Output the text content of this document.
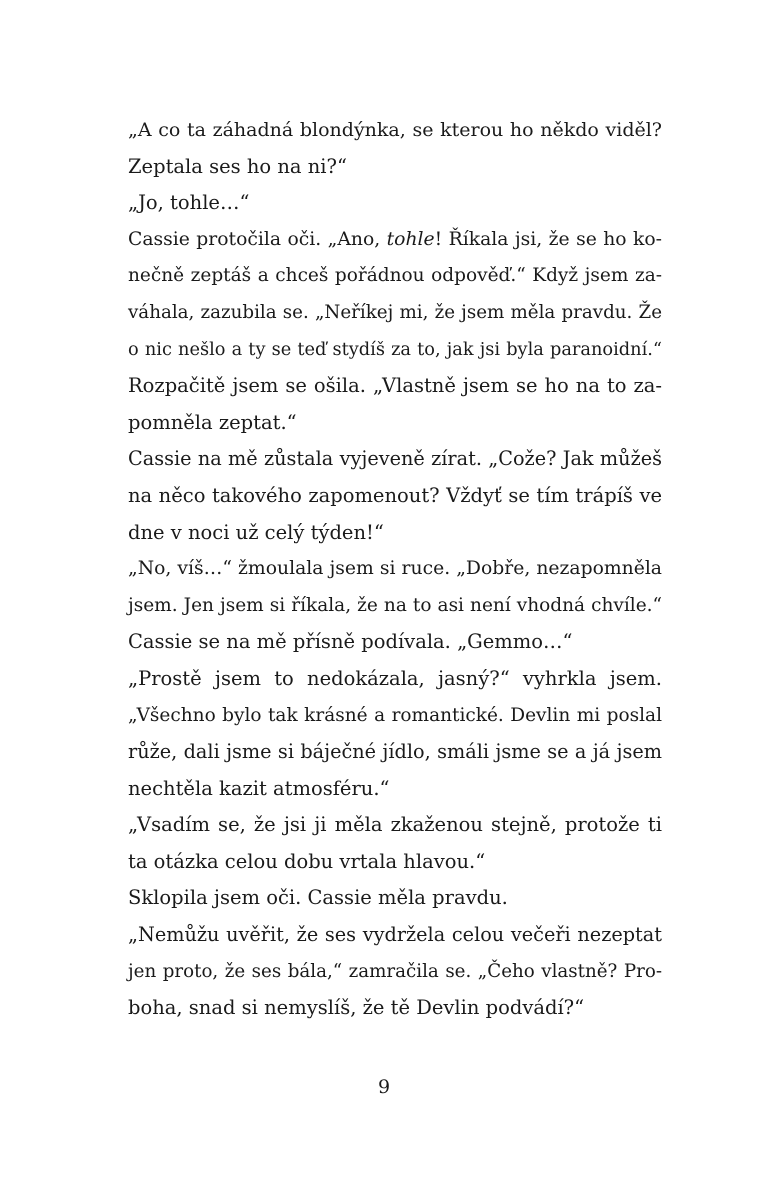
„A co ta záhadná blondýnka, se kterou ho někdo viděl?
Zeptala ses ho na ni?“
„Jo, tohle…“
Cassie protočila oči. „Ano, tohle! Říkala jsi, že se ho ko-
nečně zeptáš a chceš pořádnou odpověď.“ Když jsem za-
váhala, zazubila se. „Neříkej mi, že jsem měla pravdu. Že
o nic nešlo a ty se teď stydíš za to, jak jsi byla paranoidní.“
Rozpačitě jsem se ošila. „Vlastně jsem se ho na to za-
pomněla zeptat.“
Cassie na mě zůstala vyjeveně zírat. „Cože? Jak můžeš
na něco takového zapomenout? Vždyť se tím trápíš ve
dne v noci už celý týden!“
„No, víš…“ žmoulala jsem si ruce. „Dobře, nezapomněla
jsem. Jen jsem si říkala, že na to asi není vhodná chvíle.“
Cassie se na mě přísně podívala. „Gemmo…“
„Prostě jsem to nedokázala, jasný?“ vyhrkla jsem.
„Všechno bylo tak krásné a romantické. Devlin mi poslal
růže, dali jsme si báječné jídlo, smáli jsme se a já jsem
nechtěla kazit atmosféru.“
„Vsadím se, že jsi ji měla zkaženou stejně, protože ti
ta otázka celou dobu vrtala hlavou.“
Sklopila jsem oči. Cassie měla pravdu.
„Nemůžu uvěřit, že ses vydržela celou večeři nezeptat
jen proto, že ses bála,“ zamračila se. „Čeho vlastně? Pro-
boha, snad si nemyslíš, že tě Devlin podvádí?“
9
